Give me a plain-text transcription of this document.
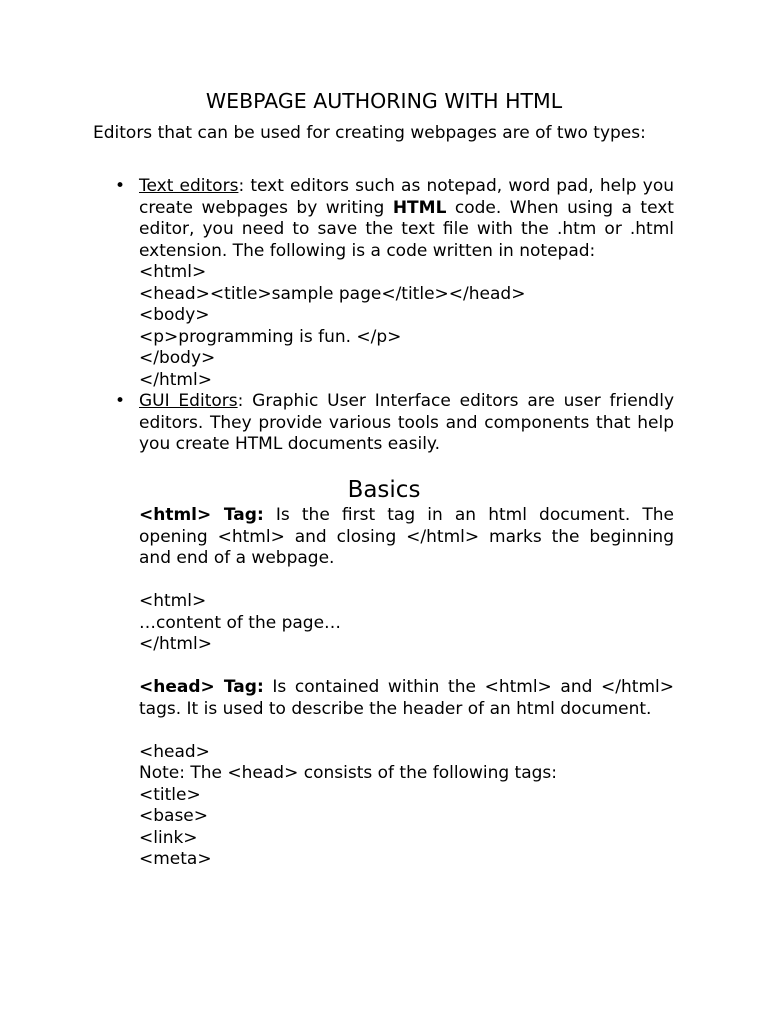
WEBPAGE AUTHORING WITH HTML
Editors that can be used for creating webpages are of two types:
• Text editors: text editors such as notepad, word pad, help you create webpages by writing HTML code. When using a text editor, you need to save the text file with the .htm or .html extension. The following is a code written in notepad:
<html>
<head><title>sample page</title></head>
<body>
<p>programming is fun. </p>
</body>
</html>
• GUI Editors: Graphic User Interface editors are user friendly editors. They provide various tools and components that help you create HTML documents easily.
Basics
<html> Tag: Is the first tag in an html document. The opening <html> and closing </html> marks the beginning and end of a webpage.
<html>
…content of the page…
</html>
<head> Tag: Is contained within the <html> and </html> tags. It is used to describe the header of an html document.
<head>
Note: The <head> consists of the following tags:
<title>
<base>
<link>
<meta>
